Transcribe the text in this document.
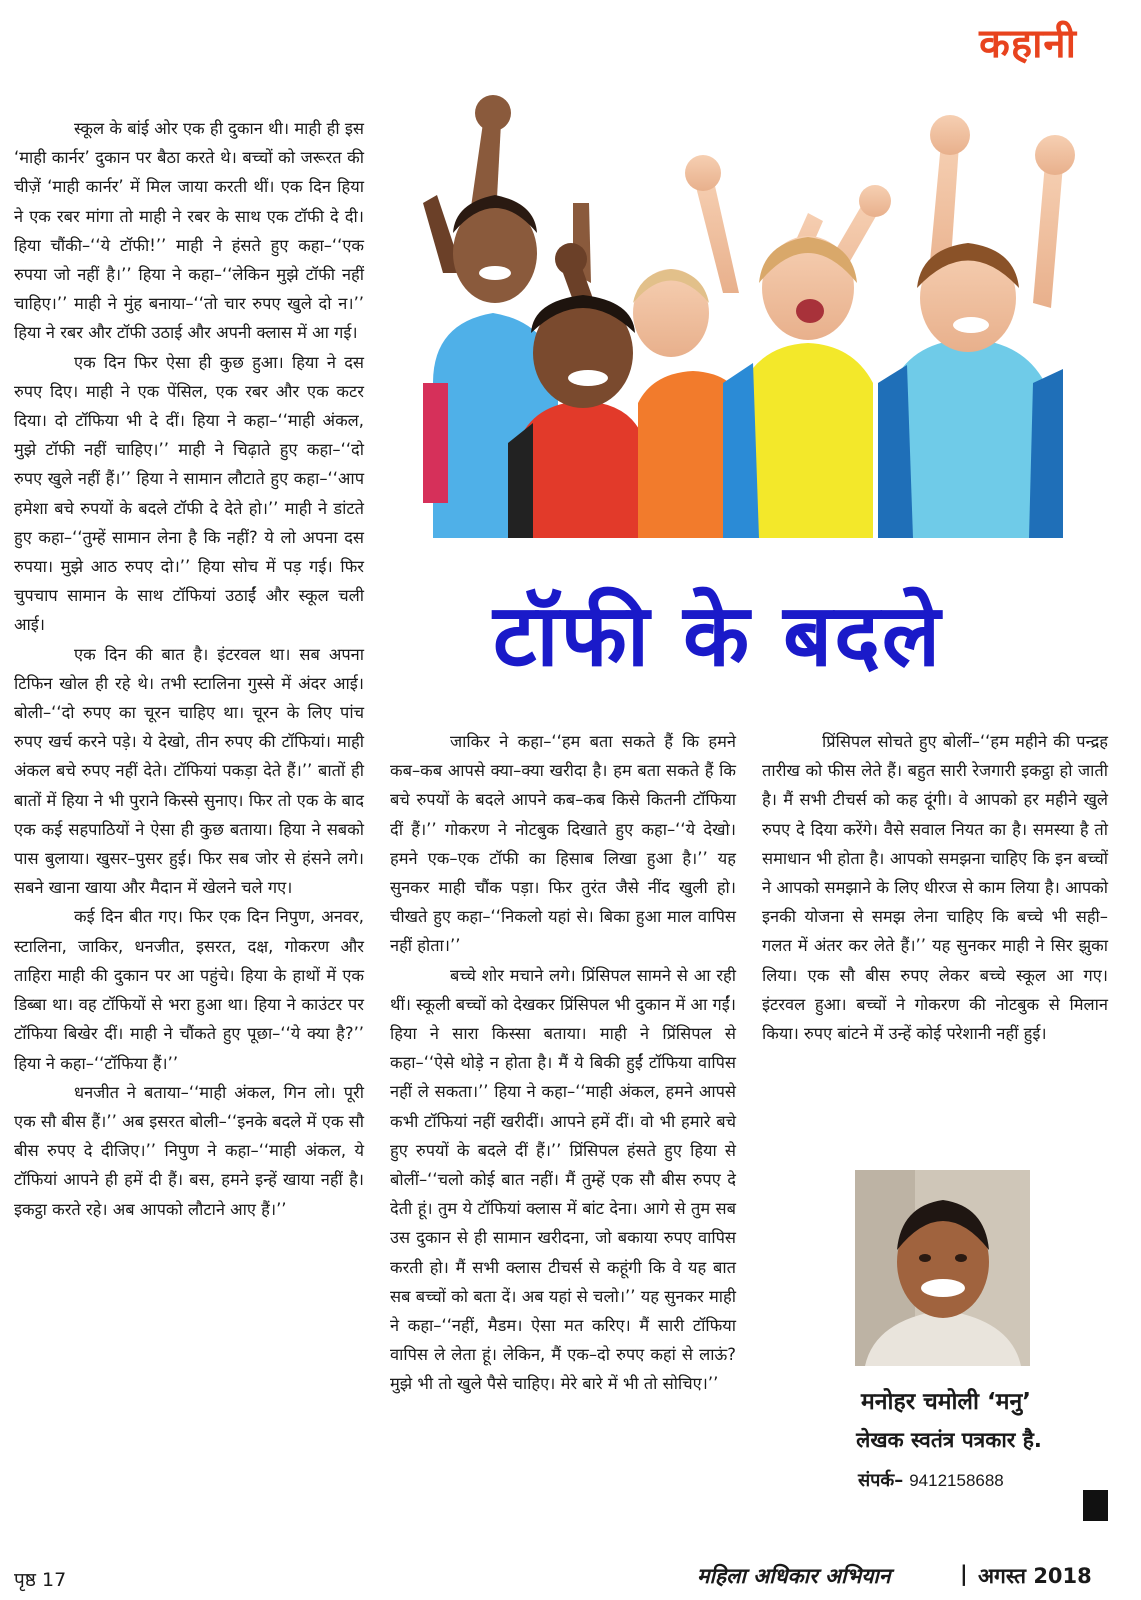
कहानी
टॉफी के बदले

स्कूल के बांई ओर एक ही दुकान थी। माही ही इस ‘माही कार्नर’ दुकान पर बैठा करते थे। बच्चों को जरूरत की चीज़ें ‘माही कार्नर’ में मिल जाया करती थीं। एक दिन हिया ने एक रबर मांगा तो माही ने रबर के साथ एक टॉफी दे दी। हिया चौंकी–‘‘ये टॉफी!’’ माही ने हंसते हुए कहा–‘‘एक रुपया जो नहीं है।’’ हिया ने कहा–‘‘लेकिन मुझे टॉफी नहीं चाहिए।’’ माही ने मुंह बनाया–‘‘तो चार रुपए खुले दो न।’’ हिया ने रबर और टॉफी उठाई और अपनी क्लास में आ गई।

एक दिन फिर ऐसा ही कुछ हुआ। हिया ने दस रुपए दिए। माही ने एक पेंसिल, एक रबर और एक कटर दिया। दो टॉफिया भी दे दीं। हिया ने कहा–‘‘माही अंकल, मुझे टॉफी नहीं चाहिए।’’ माही ने चिढ़ाते हुए कहा–‘‘दो रुपए खुले नहीं हैं।’’ हिया ने सामान लौटाते हुए कहा–‘‘आप हमेशा बचे रुपयों के बदले टॉफी दे देते हो।’’ माही ने डांटते हुए कहा–‘‘तुम्हें सामान लेना है कि नहीं? ये लो अपना दस रुपया। मुझे आठ रुपए दो।’’ हिया सोच में पड़ गई। फिर चुपचाप सामान के साथ टॉफियां उठाईं और स्कूल चली आई।

एक दिन की बात है। इंटरवल था। सब अपना टिफिन खोल ही रहे थे। तभी स्टालिना गुस्से में अंदर आई। बोली–‘‘दो रुपए का चूरन चाहिए था। चूरन के लिए पांच रुपए खर्च करने पड़े। ये देखो, तीन रुपए की टॉफियां। माही अंकल बचे रुपए नहीं देते। टॉफियां पकड़ा देते हैं।’’ बातों ही बातों में हिया ने भी पुराने किस्से सुनाए। फिर तो एक के बाद एक कई सहपाठियों ने ऐसा ही कुछ बताया। हिया ने सबको पास बुलाया। खुसर–पुसर हुई। फिर सब जोर से हंसने लगे। सबने खाना खाया और मैदान में खेलने चले गए।

कई दिन बीत गए। फिर एक दिन निपुण, अनवर, स्टालिना, जाकिर, धनजीत, इसरत, दक्ष, गोकरण और ताहिरा माही की दुकान पर आ पहुंचे। हिया के हाथों में एक डिब्बा था। वह टॉफियों से भरा हुआ था। हिया ने काउंटर पर टॉफिया बिखेर दीं। माही ने चौंकते हुए पूछा–‘‘ये क्या है?’’ हिया ने कहा–‘‘टॉफिया हैं।’’

धनजीत ने बताया–‘‘माही अंकल, गिन लो। पूरी एक सौ बीस हैं।’’ अब इसरत बोली–‘‘इनके बदले में एक सौ बीस रुपए दे दीजिए।’’ निपुण ने कहा–‘‘माही अंकल, ये टॉफियां आपने ही हमें दी हैं। बस, हमने इन्हें खाया नहीं है। इकट्ठा करते रहे। अब आपको लौटाने आए हैं।’’

जाकिर ने कहा–‘‘हम बता सकते हैं कि हमने कब–कब आपसे क्या–क्या खरीदा है। हम बता सकते हैं कि बचे रुपयों के बदले आपने कब–कब किसे कितनी टॉफिया दीं हैं।’’ गोकरण ने नोटबुक दिखाते हुए कहा–‘‘ये देखो। हमने एक–एक टॉफी का हिसाब लिखा हुआ है।’’ यह सुनकर माही चौंक पड़ा। फिर तुरंत जैसे नींद खुली हो। चीखते हुए कहा–‘‘निकलो यहां से। बिका हुआ माल वापिस नहीं होता।’’

बच्चे शोर मचाने लगे। प्रिंसिपल सामने से आ रही थीं। स्कूली बच्चों को देखकर प्रिंसिपल भी दुकान में आ गईं। हिया ने सारा किस्सा बताया। माही ने प्रिंसिपल से कहा–‘‘ऐसे थोड़े न होता है। मैं ये बिकी हुईं टॉफिया वापिस नहीं ले सकता।’’ हिया ने कहा–‘‘माही अंकल, हमने आपसे कभी टॉफियां नहीं खरीदीं। आपने हमें दीं। वो भी हमारे बचे हुए रुपयों के बदले दीं हैं।’’ प्रिंसिपल हंसते हुए हिया से बोलीं–‘‘चलो कोई बात नहीं। मैं तुम्हें एक सौ बीस रुपए दे देती हूं। तुम ये टॉफियां क्लास में बांट देना। आगे से तुम सब उस दुकान से ही सामान खरीदना, जो बकाया रुपए वापिस करती हो। मैं सभी क्लास टीचर्स से कहूंगी कि वे यह बात सब बच्चों को बता दें। अब यहां से चलो।’’ यह सुनकर माही ने कहा–‘‘नहीं, मैडम। ऐसा मत करिए। मैं सारी टॉफिया वापिस ले लेता हूं। लेकिन, मैं एक–दो रुपए कहां से लाऊं? मुझे भी तो खुले पैसे चाहिए। मेरे बारे में भी तो सोचिए।’’

प्रिंसिपल सोचते हुए बोलीं–‘‘हम महीने की पन्द्रह तारीख को फीस लेते हैं। बहुत सारी रेजगारी इकट्ठा हो जाती है। मैं सभी टीचर्स को कह दूंगी। वे आपको हर महीने खुले रुपए दे दिया करेंगे। वैसे सवाल नियत का है। समस्या है तो समाधान भी होता है। आपको समझना चाहिए कि इन बच्चों ने आपको समझाने के लिए धीरज से काम लिया है। आपको इनकी योजना से समझ लेना चाहिए कि बच्चे भी सही–गलत में अंतर कर लेते हैं।’’ यह सुनकर माही ने सिर झुका लिया। एक सौ बीस रुपए लेकर बच्चे स्कूल आ गए। इंटरवल हुआ। बच्चों ने गोकरण की नोटबुक से मिलान किया। रुपए बांटने में उन्हें कोई परेशानी नहीं हुई।

मनोहर चमोली ‘मनु’
लेखक स्वतंत्र पत्रकार है.
संपर्क– 9412158688
पृष्ठ 17	महिला अधिकार अभियान	| अगस्त 2018
